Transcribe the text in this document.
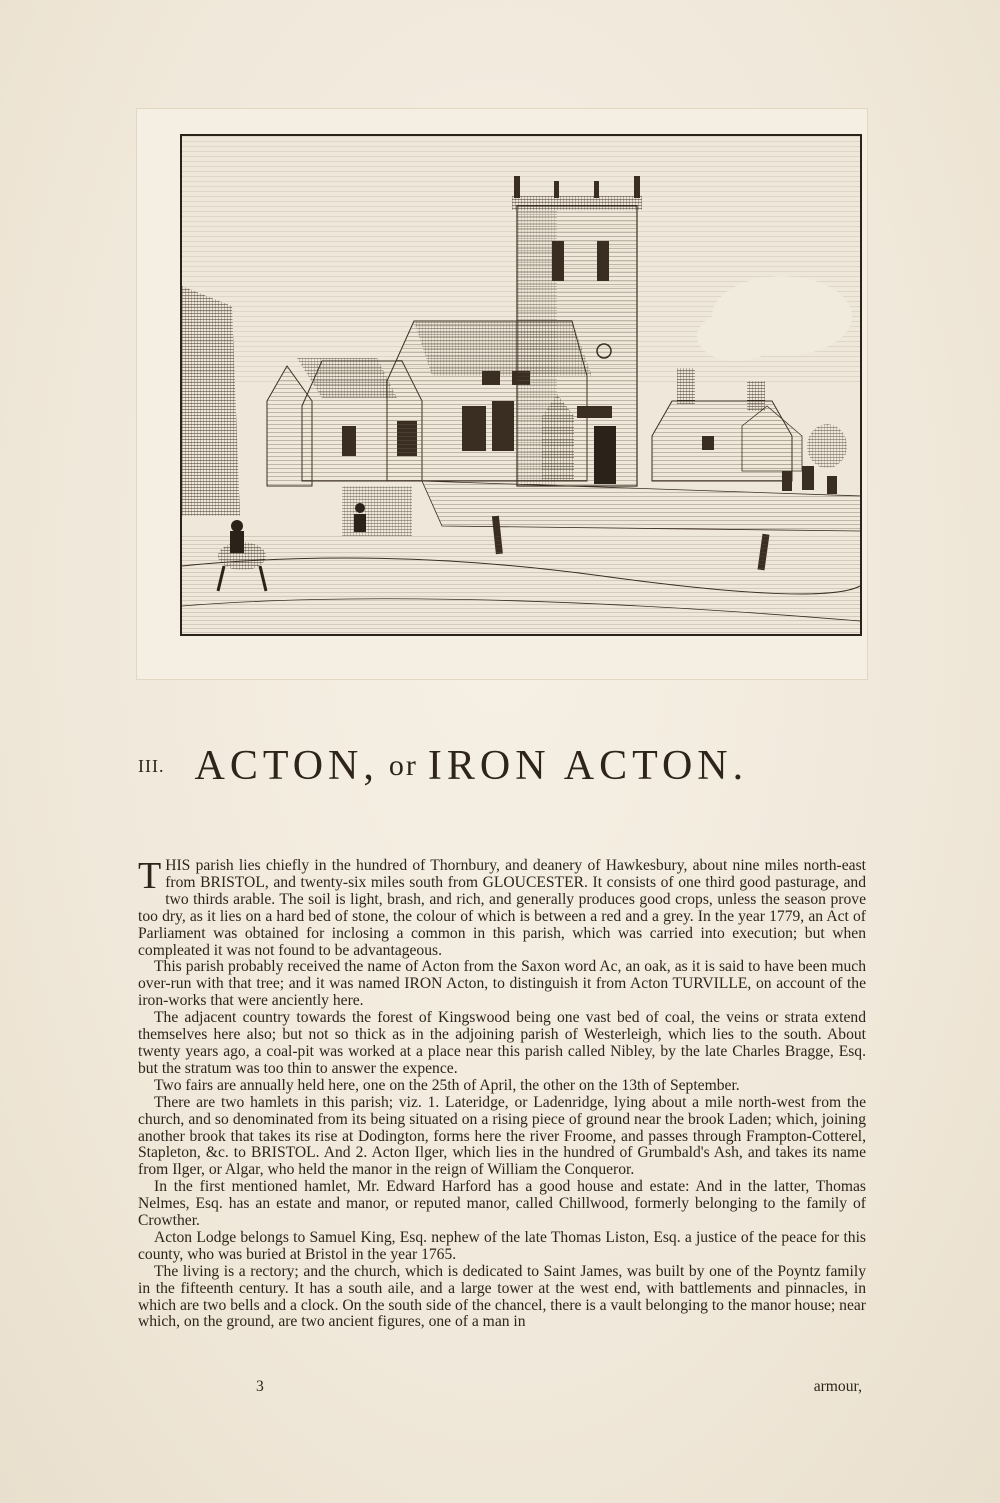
III. ACTON, or IRON ACTON.

THIS parish lies chiefly in the hundred of Thornbury, and deanery of Hawkesbury, about nine miles north-east from BRISTOL, and twenty-six miles south from GLOUCESTER. It consists of one third good pasturage, and two thirds arable. The soil is light, brash, and rich, and generally produces good crops, unless the season prove too dry, as it lies on a hard bed of stone, the colour of which is between a red and a grey. In the year 1779, an Act of Parliament was obtained for inclosing a common in this parish, which was carried into execution; but when compleated it was not found to be advantageous.

This parish probably received the name of Acton from the Saxon word Ac, an oak, as it is said to have been much over-run with that tree; and it was named IRON Acton, to distinguish it from Acton TURVILLE, on account of the iron-works that were anciently here.

The adjacent country towards the forest of Kingswood being one vast bed of coal, the veins or strata extend themselves here also; but not so thick as in the adjoining parish of Westerleigh, which lies to the south. About twenty years ago, a coal-pit was worked at a place near this parish called Nibley, by the late Charles Bragge, Esq. but the stratum was too thin to answer the expence.

Two fairs are annually held here, one on the 25th of April, the other on the 13th of September.

There are two hamlets in this parish; viz. 1. Lateridge, or Ladenridge, lying about a mile north-west from the church, and so denominated from its being situated on a rising piece of ground near the brook Laden; which, joining another brook that takes its rise at Dodington, forms here the river Froome, and passes through Frampton-Cotterel, Stapleton, &c. to BRISTOL. And 2. Acton Ilger, which lies in the hundred of Grumbald's Ash, and takes its name from Ilger, or Algar, who held the manor in the reign of William the Conqueror.

In the first mentioned hamlet, Mr. Edward Harford has a good house and estate: And in the latter, Thomas Nelmes, Esq. has an estate and manor, or reputed manor, called Chillwood, formerly belonging to the family of Crowther.

Acton Lodge belongs to Samuel King, Esq. nephew of the late Thomas Liston, Esq. a justice of the peace for this county, who was buried at Bristol in the year 1765.

The living is a rectory; and the church, which is dedicated to Saint James, was built by one of the Poyntz family in the fifteenth century. It has a south aile, and a large tower at the west end, with battlements and pinnacles, in which are two bells and a clock. On the south side of the chancel, there is a vault belonging to the manor house; near which, on the ground, are two ancient figures, one of a man in

3	armour,
